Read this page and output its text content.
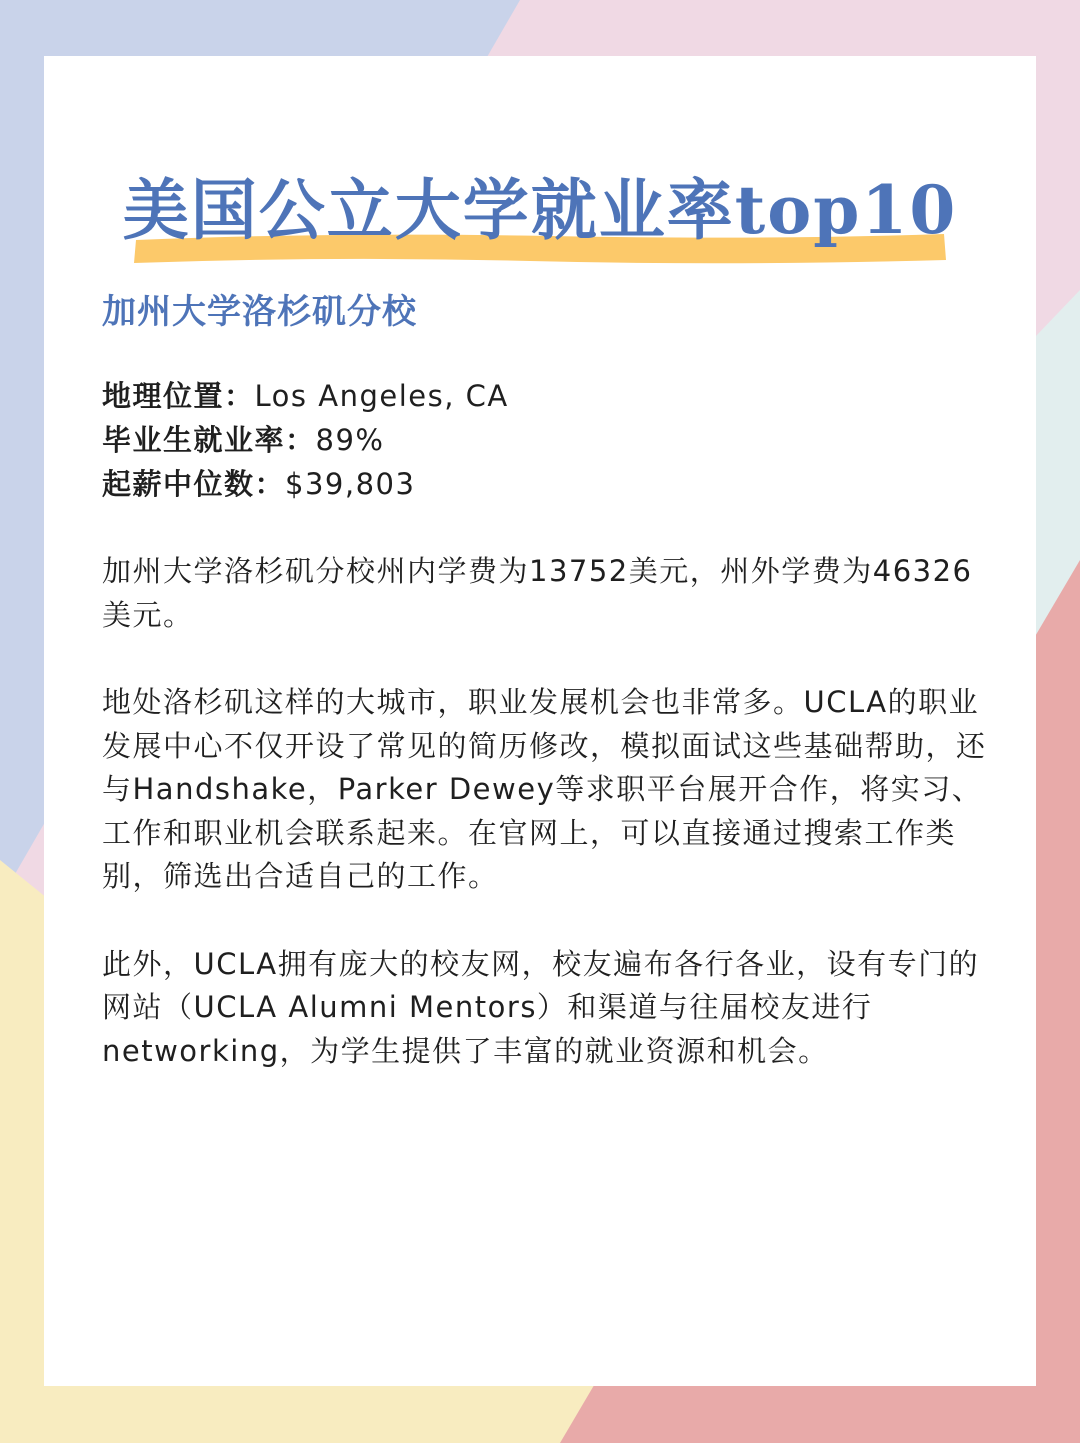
美国公立大学就业率top10
加州大学洛杉矶分校
地理位置：Los Angeles, CA
毕业生就业率：89%
起薪中位数：$39,803

加州大学洛杉矶分校州内学费为13752美元，州外学费为46326美元。

地处洛杉矶这样的大城市，职业发展机会也非常多。UCLA的职业发展中心不仅开设了常见的简历修改，模拟面试这些基础帮助，还与Handshake，Parker Dewey等求职平台展开合作，将实习、工作和职业机会联系起来。在官网上，可以直接通过搜索工作类别，筛选出合适自己的工作。

此外，UCLA拥有庞大的校友网，校友遍布各行各业，设有专门的网站（UCLA Alumni Mentors）和渠道与往届校友进行networking，为学生提供了丰富的就业资源和机会。
